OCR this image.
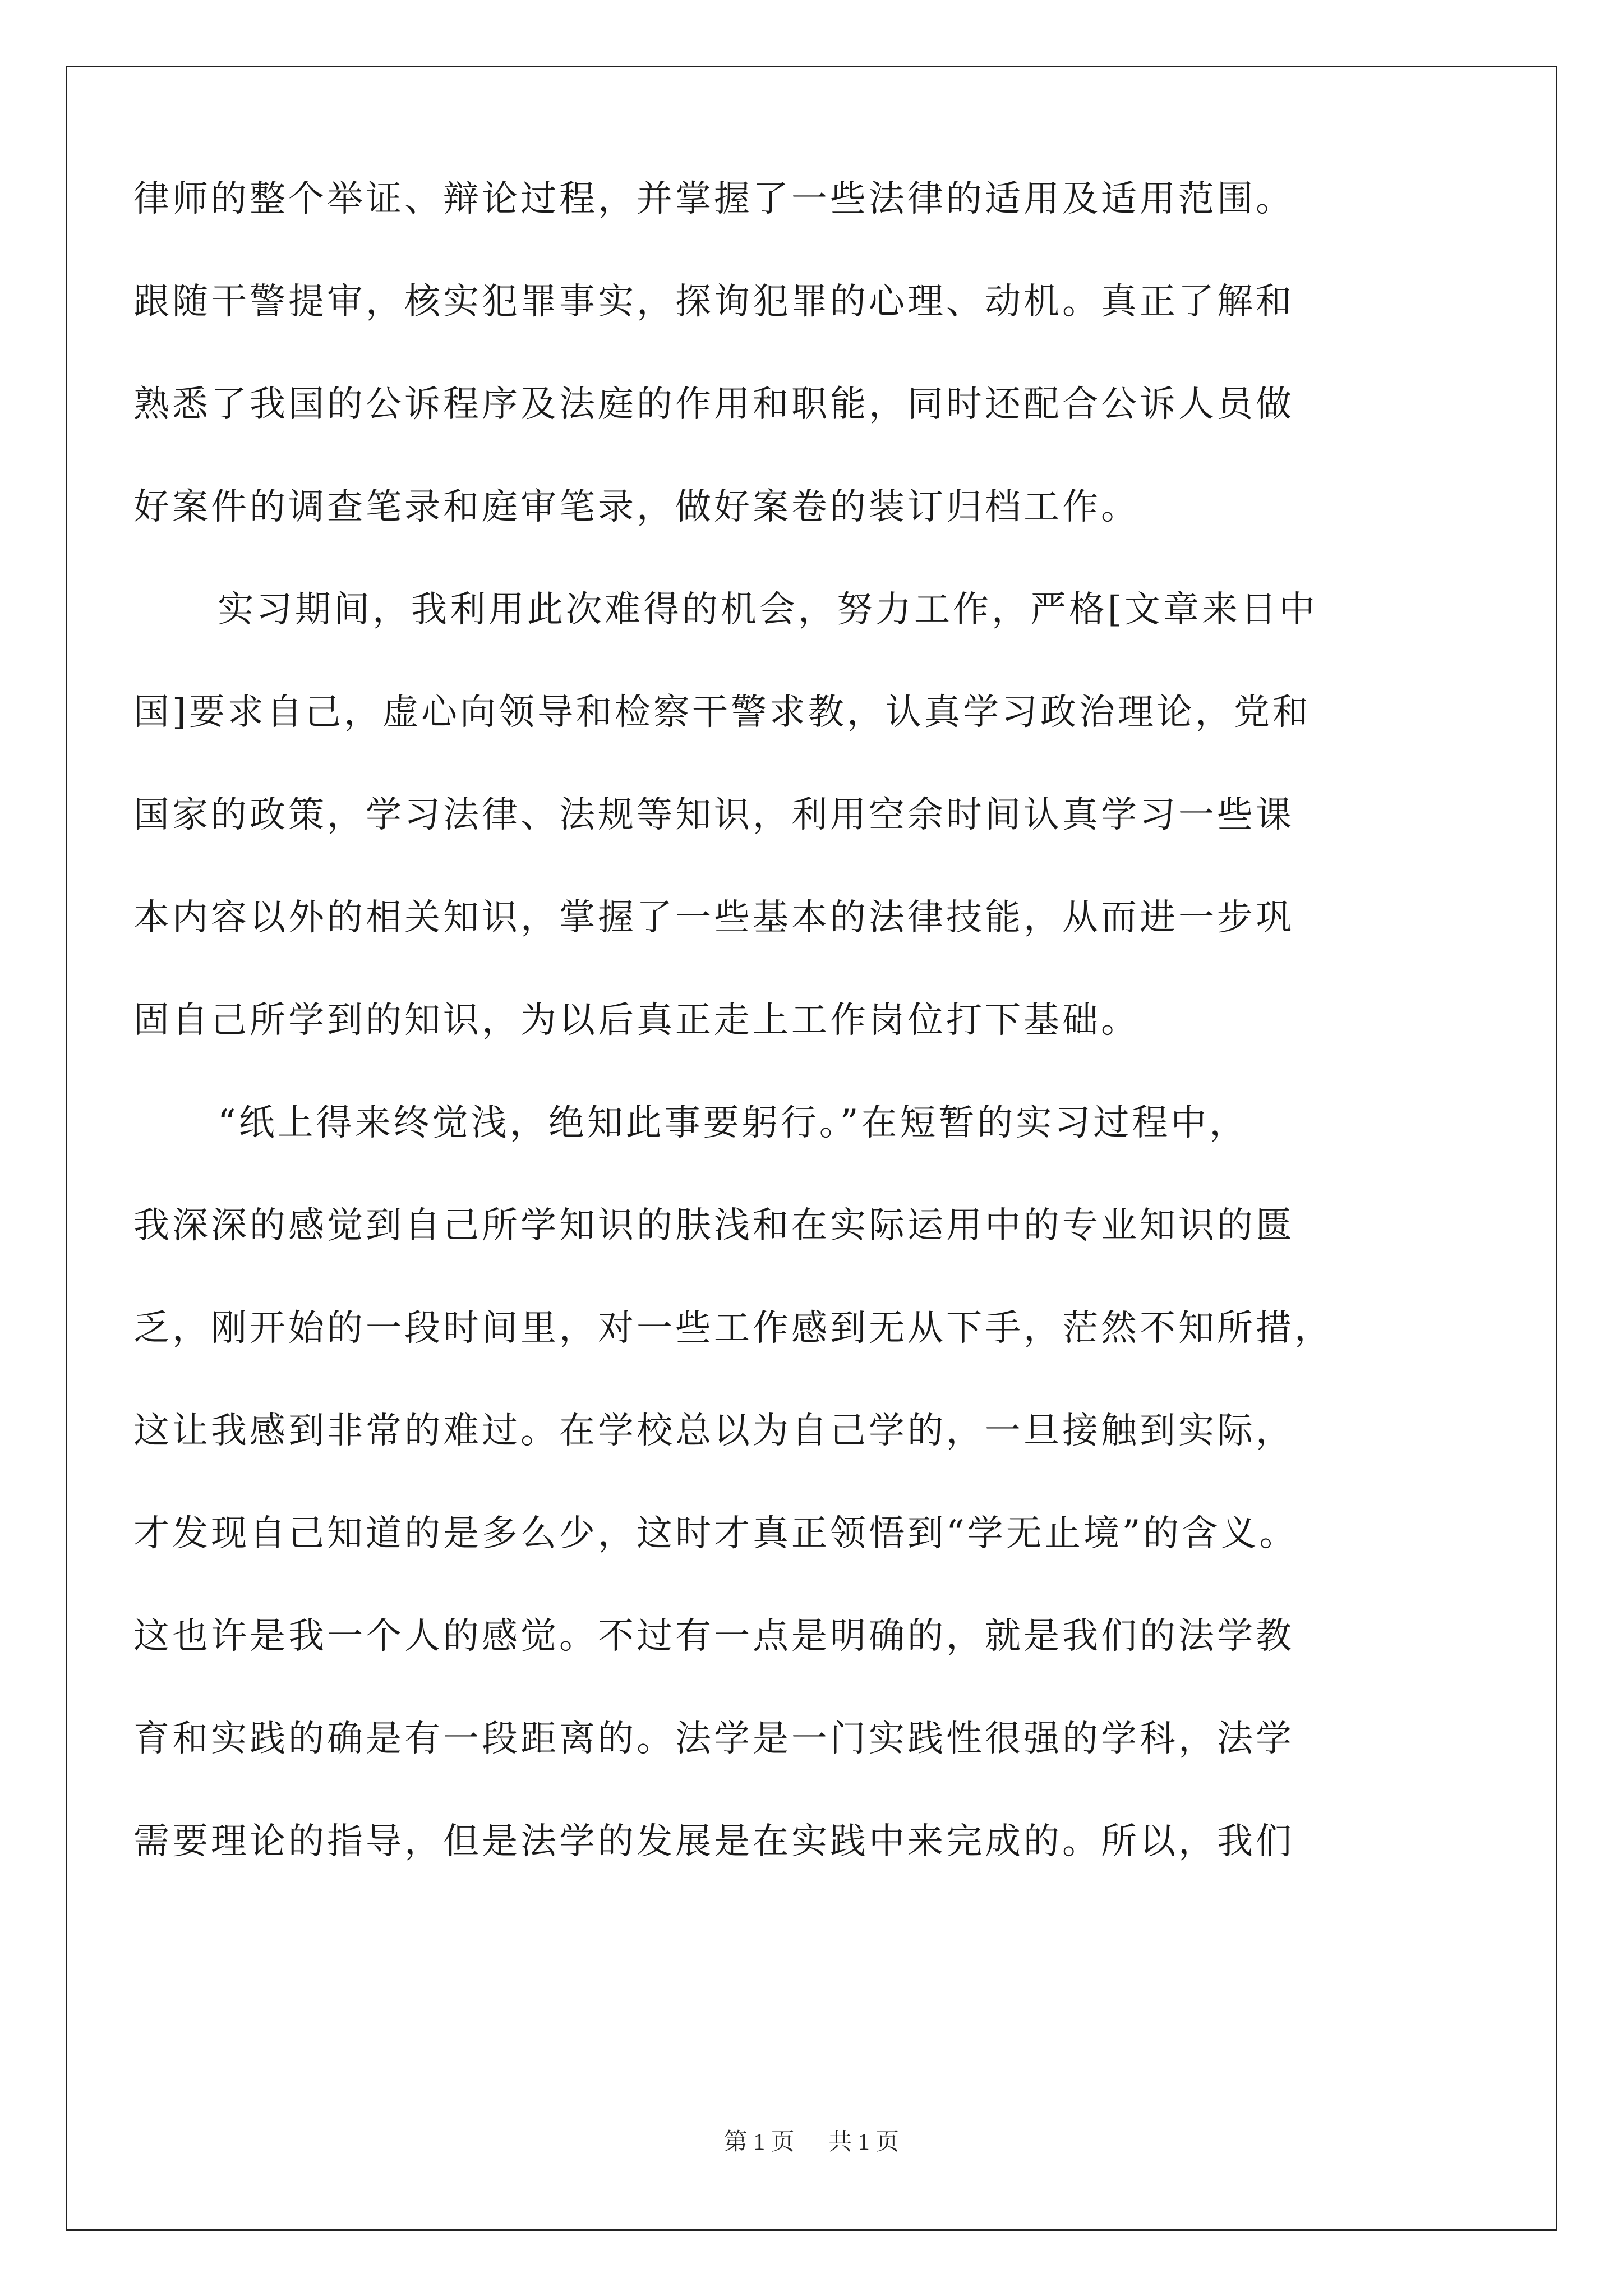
律师的整个举证、辩论过程，并掌握了一些法律的适用及适用范围。
跟随干警提审，核实犯罪事实，探询犯罪的心理、动机。真正了解和
熟悉了我国的公诉程序及法庭的作用和职能，同时还配合公诉人员做
好案件的调查笔录和庭审笔录，做好案卷的装订归档工作。
实习期间，我利用此次难得的机会，努力工作，严格[文章来日中
国]要求自己，虚心向领导和检察干警求教，认真学习政治理论，党和
国家的政策，学习法律、法规等知识，利用空余时间认真学习一些课
本内容以外的相关知识，掌握了一些基本的法律技能，从而进一步巩
固自己所学到的知识，为以后真正走上工作岗位打下基础。
“纸上得来终觉浅，绝知此事要躬行。”在短暂的实习过程中，
我深深的感觉到自己所学知识的肤浅和在实际运用中的专业知识的匮
乏，刚开始的一段时间里，对一些工作感到无从下手，茫然不知所措，
这让我感到非常的难过。在学校总以为自己学的，一旦接触到实际，
才发现自己知道的是多么少，这时才真正领悟到“学无止境”的含义。
这也许是我一个人的感觉。不过有一点是明确的，就是我们的法学教
育和实践的确是有一段距离的。法学是一门实践性很强的学科，法学
需要理论的指导，但是法学的发展是在实践中来完成的。所以，我们
第 1 页 共 1 页
